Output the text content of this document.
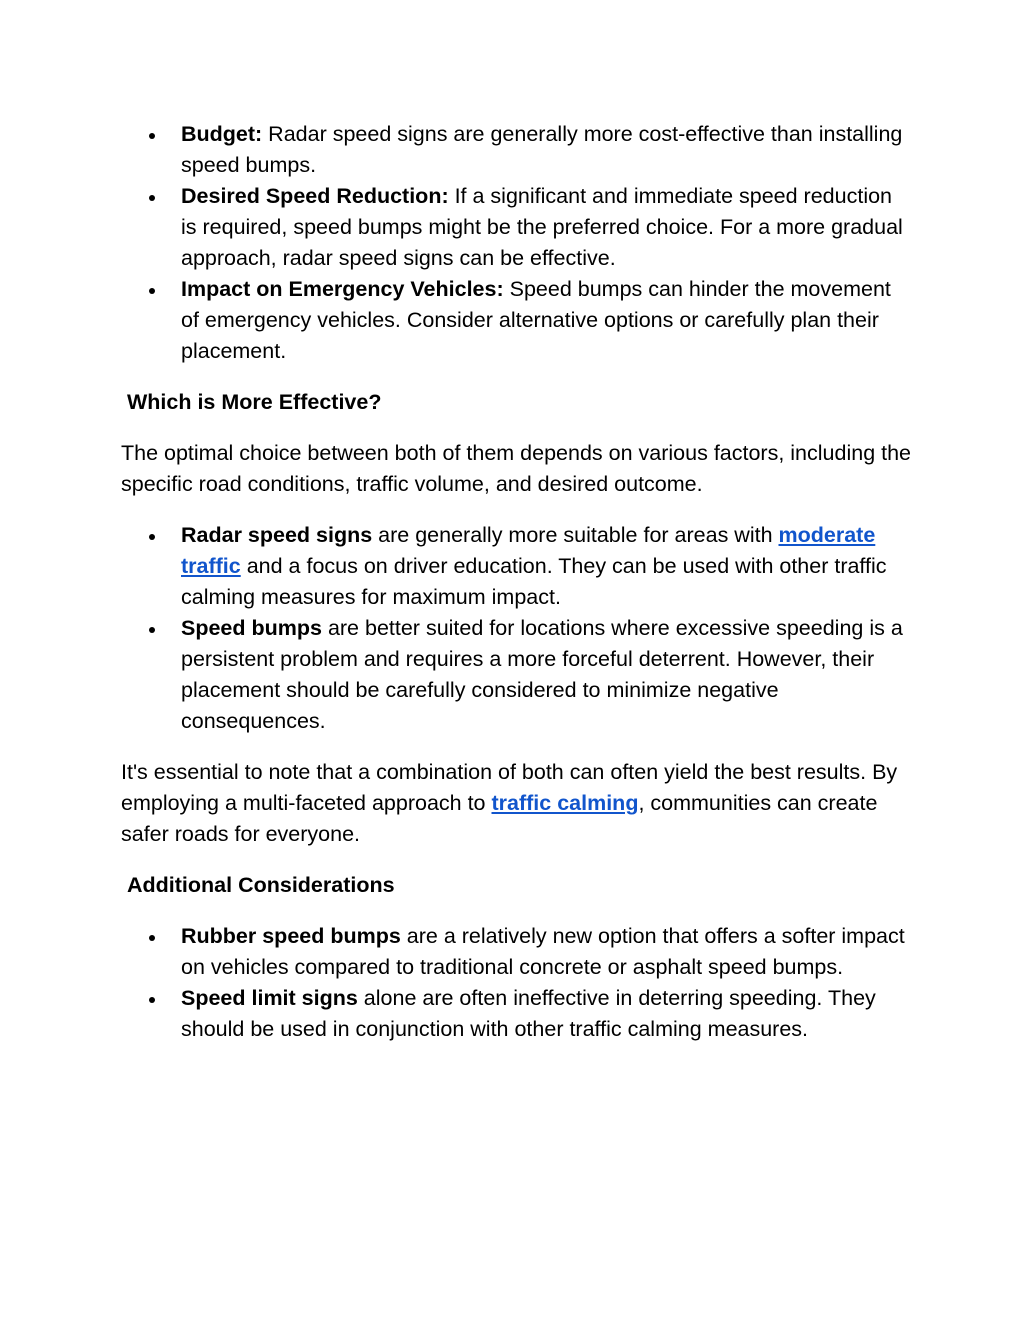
Budget: Radar speed signs are generally more cost-effective than installing speed bumps.
Desired Speed Reduction: If a significant and immediate speed reduction is required, speed bumps might be the preferred choice. For a more gradual approach, radar speed signs can be effective.
Impact on Emergency Vehicles: Speed bumps can hinder the movement of emergency vehicles. Consider alternative options or carefully plan their placement.
Which is More Effective?

The optimal choice between both of them depends on various factors, including the specific road conditions, traffic volume, and desired outcome.

Radar speed signs are generally more suitable for areas with moderate traffic and a focus on driver education. They can be used with other traffic calming measures for maximum impact.
Speed bumps are better suited for locations where excessive speeding is a persistent problem and requires a more forceful deterrent. However, their placement should be carefully considered to minimize negative consequences.

It's essential to note that a combination of both can often yield the best results. By employing a multi-faceted approach to traffic calming, communities can create safer roads for everyone.

Additional Considerations
Rubber speed bumps are a relatively new option that offers a softer impact on vehicles compared to traditional concrete or asphalt speed bumps.
Speed limit signs alone are often ineffective in deterring speeding. They should be used in conjunction with other traffic calming measures.
